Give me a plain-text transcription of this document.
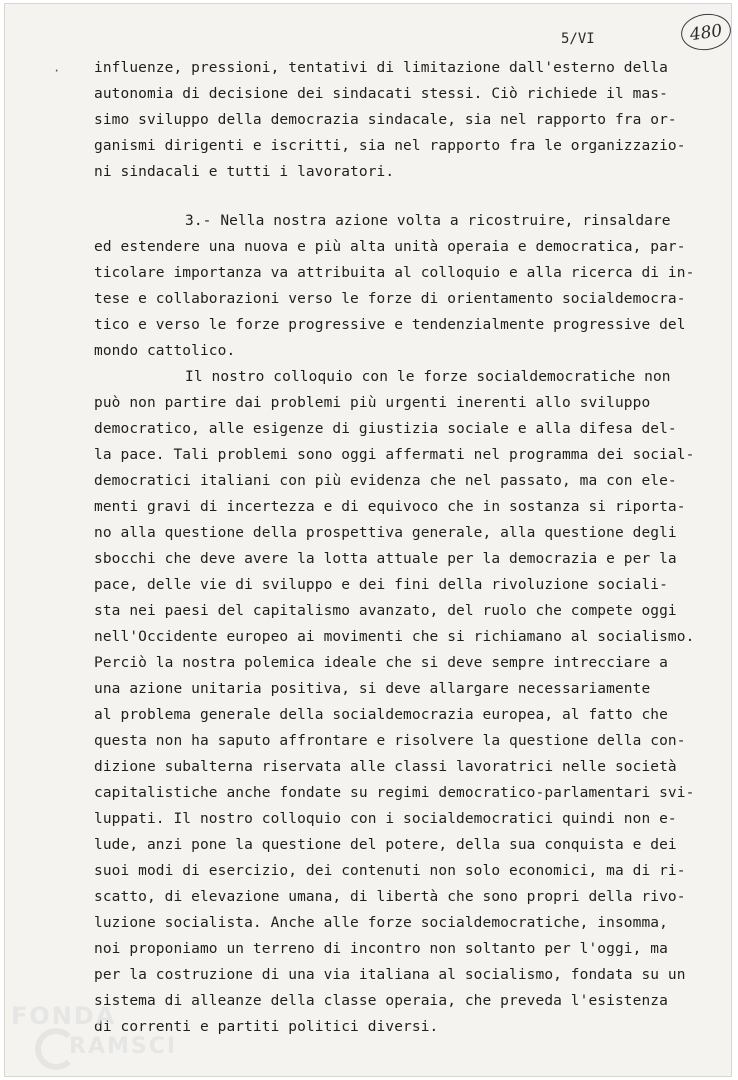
5/VI	480
· influenze, pressioni, tentativi di limitazione dall'esterno della
autonomia di decisione dei sindacati stessi. Ciò richiede il mas-
simo sviluppo della democrazia sindacale, sia nel rapporto fra or-
ganismi dirigenti e iscritti, sia nel rapporto fra le organizzazio-
ni sindacali e tutti i lavoratori.
3.- Nella nostra azione volta a ricostruire, rinsaldare
ed estendere una nuova e più alta unità operaia e democratica, par-
ticolare importanza va attribuita al colloquio e alla ricerca di in-
tese e collaborazioni verso le forze di orientamento socialdemocra-
tico e verso le forze progressive e tendenzialmente progressive del
mondo cattolico.
Il nostro colloquio con le forze socialdemocratiche non
può non partire dai problemi più urgenti inerenti allo sviluppo
democratico, alle esigenze di giustizia sociale e alla difesa del-
la pace. Tali problemi sono oggi affermati nel programma dei social-
democratici italiani con più evidenza che nel passato, ma con ele-
menti gravi di incertezza e di equivoco che in sostanza si riporta-
no alla questione della prospettiva generale, alla questione degli
sbocchi che deve avere la lotta attuale per la democrazia e per la
pace, delle vie di sviluppo e dei fini della rivoluzione sociali-
sta nei paesi del capitalismo avanzato, del ruolo che compete oggi
nell'Occidente europeo ai movimenti che si richiamano al socialismo.
Perciò la nostra polemica ideale che si deve sempre intrecciare a
una azione unitaria positiva, si deve allargare necessariamente
al problema generale della socialdemocrazia europea, al fatto che
questa non ha saputo affrontare e risolvere la questione della con-
dizione subalterna riservata alle classi lavoratrici nelle società
capitalistiche anche fondate su regimi democratico-parlamentari svi-
luppati. Il nostro colloquio con i socialdemocratici quindi non e-
lude, anzi pone la questione del potere, della sua conquista e dei
suoi modi di esercizio, dei contenuti non solo economici, ma di ri-
scatto, di elevazione umana, di libertà che sono propri della rivo-
luzione socialista. Anche alle forze socialdemocratiche, insomma,
noi proponiamo un terreno di incontro non soltanto per l'oggi, ma
per la costruzione di una via italiana al socialismo, fondata su un
sistema di alleanze della classe operaia, che preveda l'esistenza
di correnti e partiti politici diversi.
FONDA
RAMSCI
